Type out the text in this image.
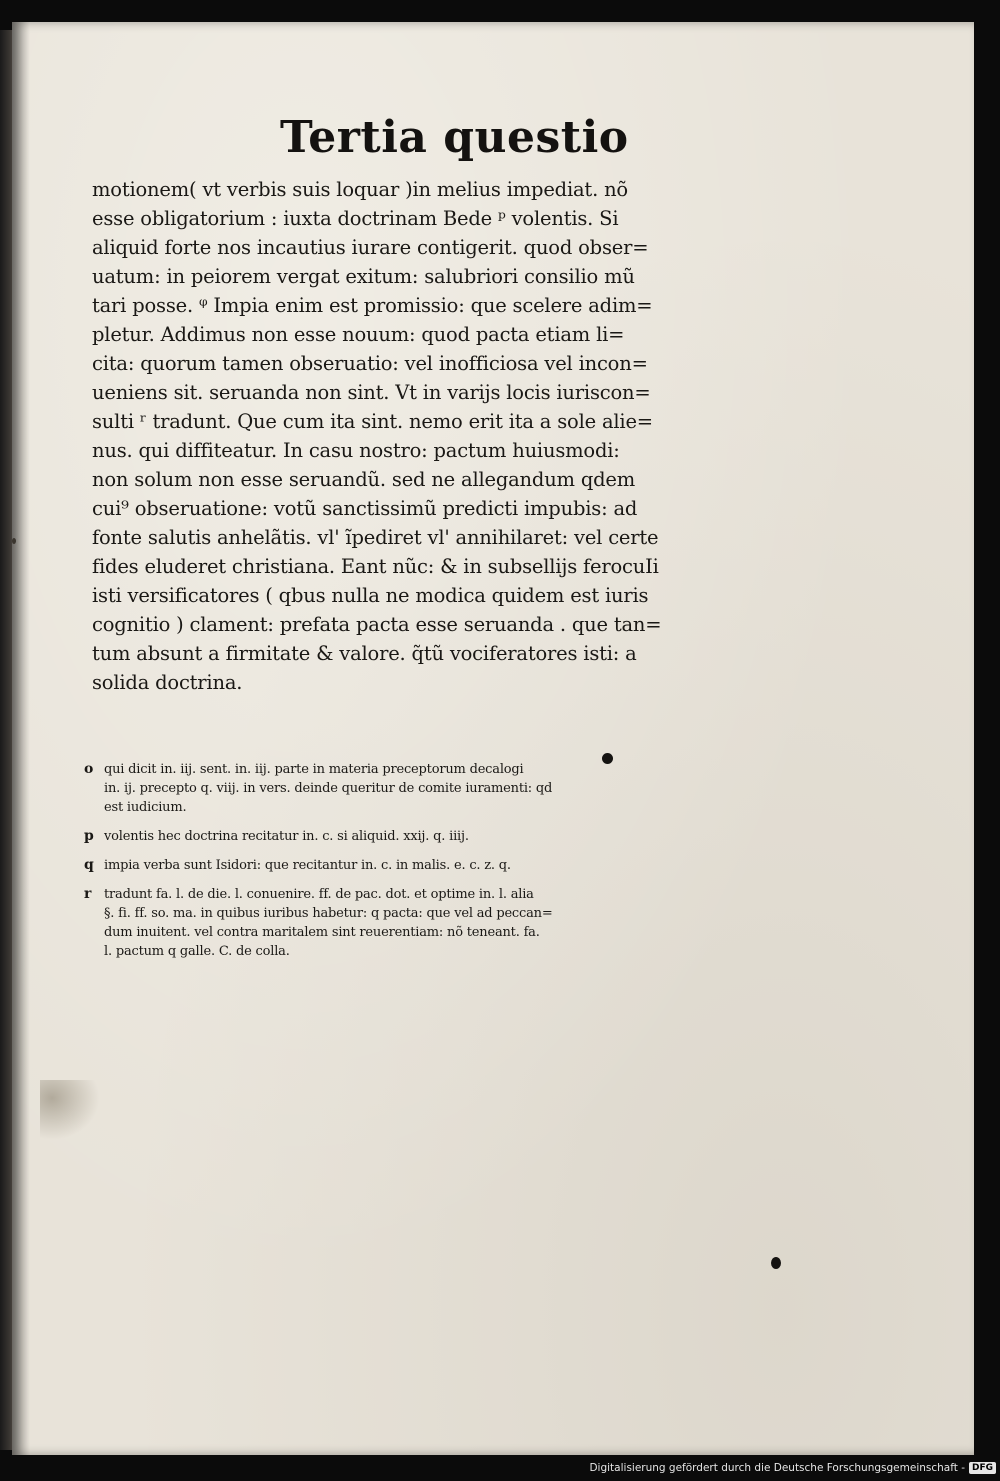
Tertia questio
motionem( vt verbis suis loquar )in melius impediat. nõ
esse obligatorium : iuxta doctrinam Bede ᵖ volentis. Si
aliquid forte nos incautius iurare contigerit. quod obser=
uatum: in peiorem vergat exitum: salubriori consilio mũ
tari posse. ᵠ Impia enim est promissio: que scelere adim=
pletur. Addimus non esse nouum: quod pacta etiam li=
cita: quorum tamen obseruatio: vel inofficiosa vel incon=
ueniens sit. seruanda non sint. Vt in varijs locis iuriscon=
sulti ʳ tradunt. Que cum ita sint. nemo erit ita a sole alie=
nus. qui diffiteatur. In casu nostro: pactum huiusmodi:
non solum non esse seruandũ. sed ne allegandum qdem
cui⁹ obseruatione: votũ sanctissimũ predicti impubis: ad
fonte salutis anhelãtis. vl' ĩpediret vl' annihilaret: vel certe
fides eluderet christiana. Eant nũc: & in subsellijs ferocuIi
isti versificatores ( qbus nulla ne modica quidem est iuris
cognitio ) clament: prefata pacta esse seruanda . que tan=
tum absunt a firmitate & valore. q̃tũ vociferatores isti: a
solida doctrina.
o qui dicit in. iij. sent. in. iij. parte in materia preceptorum decalogi
in. ij. precepto q. viij. in vers. deinde queritur de comite iuramenti: qd
est iudicium.
p volentis hec doctrina recitatur in. c. si aliquid. xxij. q. iiij.
q impia verba sunt Isidori: que recitantur in. c. in malis. e. c. z. q.
r tradunt fa. l. de die. l. conuenire. ff. de pac. dot. et optime in. l. alia
§. fi. ff. so. ma. in quibus iuribus habetur: q pacta: que vel ad peccan=
dum inuitent. vel contra maritalem sint reuerentiam: nõ teneant. fa.
l. pactum q galle. C. de colla.
Digitalisierung gefördert durch die Deutsche Forschungsgemeinschaft - DFG
